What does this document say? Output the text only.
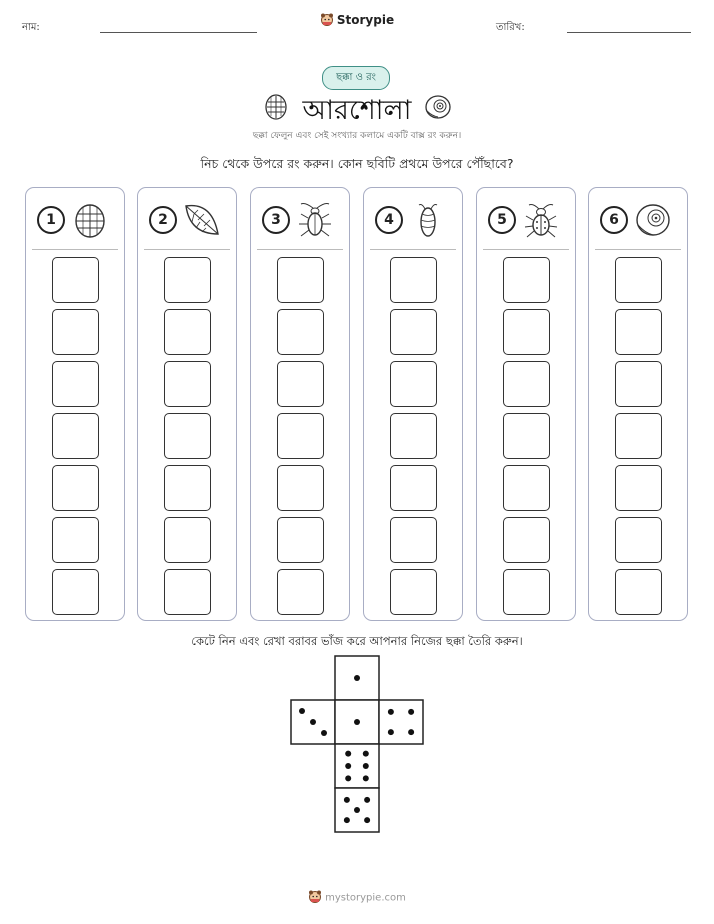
নাম:
Storypie
তারিখ:
ছক্কা ও রং
আরশোলা
ছক্কা ফেলুন এবং সেই সংখ্যার কলামে একটি বাক্স রং করুন।
নিচ থেকে উপরে রং করুন। কোন ছবিটি প্রথমে উপরে পৌঁছাবে?
1	2	3	4	5	6
কেটে নিন এবং রেখা বরাবর ভাঁজ করে আপনার নিজের ছক্কা তৈরি করুন।
mystorypie.com
